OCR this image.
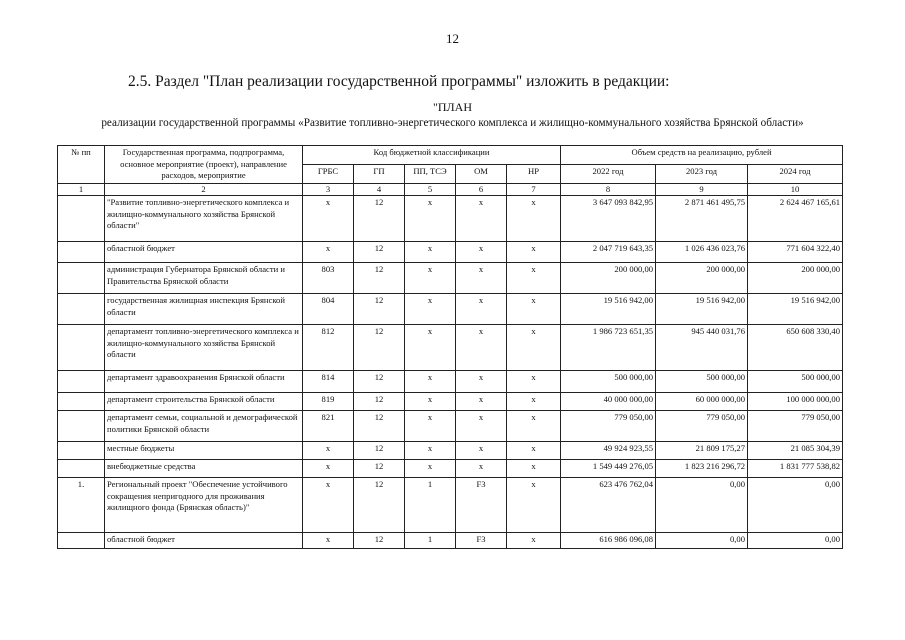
12
2.5. Раздел "План реализации государственной программы" изложить в редакции:
"ПЛАН
реализации государственной программы «Развитие топливно-энергетического комплекса и жилищно-коммунального хозяйства Брянской области»
№ пп	Государственная программа, подпрограмма, основное мероприятие (проект), направление расходов, мероприятие	Код бюджетной классификации					Объем средств на реализацию, рублей		
		ГРБС	ГП	ПП, ТСЭ	ОМ	НР	2022 год	2023 год	2024 год
1	2	3	4	5	6	7	8	9	10
	"Развитие топливно-энергетического комплекса и жилищно-коммунального хозяйства Брянской области"	х	12	х	х	х	3 647 093 842,95	2 871 461 495,75	2 624 467 165,61
	областной бюджет	х	12	х	х	х	2 047 719 643,35	1 026 436 023,76	771 604 322,40
	администрация Губернатора Брянской области и Правительства Брянской области	803	12	х	х	х	200 000,00	200 000,00	200 000,00
	государственная жилищная инспекция Брянской области	804	12	х	х	х	19 516 942,00	19 516 942,00	19 516 942,00
	департамент топливно-энергетического комплекса и жилищно-коммунального хозяйства Брянской области	812	12	х	х	х	1 986 723 651,35	945 440 031,76	650 608 330,40
	департамент здравоохранения Брянской области	814	12	х	х	х	500 000,00	500 000,00	500 000,00
	департамент строительства Брянской области	819	12	х	х	х	40 000 000,00	60 000 000,00	100 000 000,00
	департамент семьи, социальной и демографической политики Брянской области	821	12	х	х	х	779 050,00	779 050,00	779 050,00
	местные бюджеты	х	12	х	х	х	49 924 923,55	21 809 175,27	21 085 304,39
	внебюджетные средства	х	12	х	х	х	1 549 449 276,05	1 823 216 296,72	1 831 777 538,82
1.	Региональный проект "Обеспечение устойчивого сокращения непригодного для проживания жилищного фонда (Брянская область)"	х	12	1	F3	х	623 476 762,04	0,00	0,00
	областной бюджет	х	12	1	F3	х	616 986 096,08	0,00	0,00
